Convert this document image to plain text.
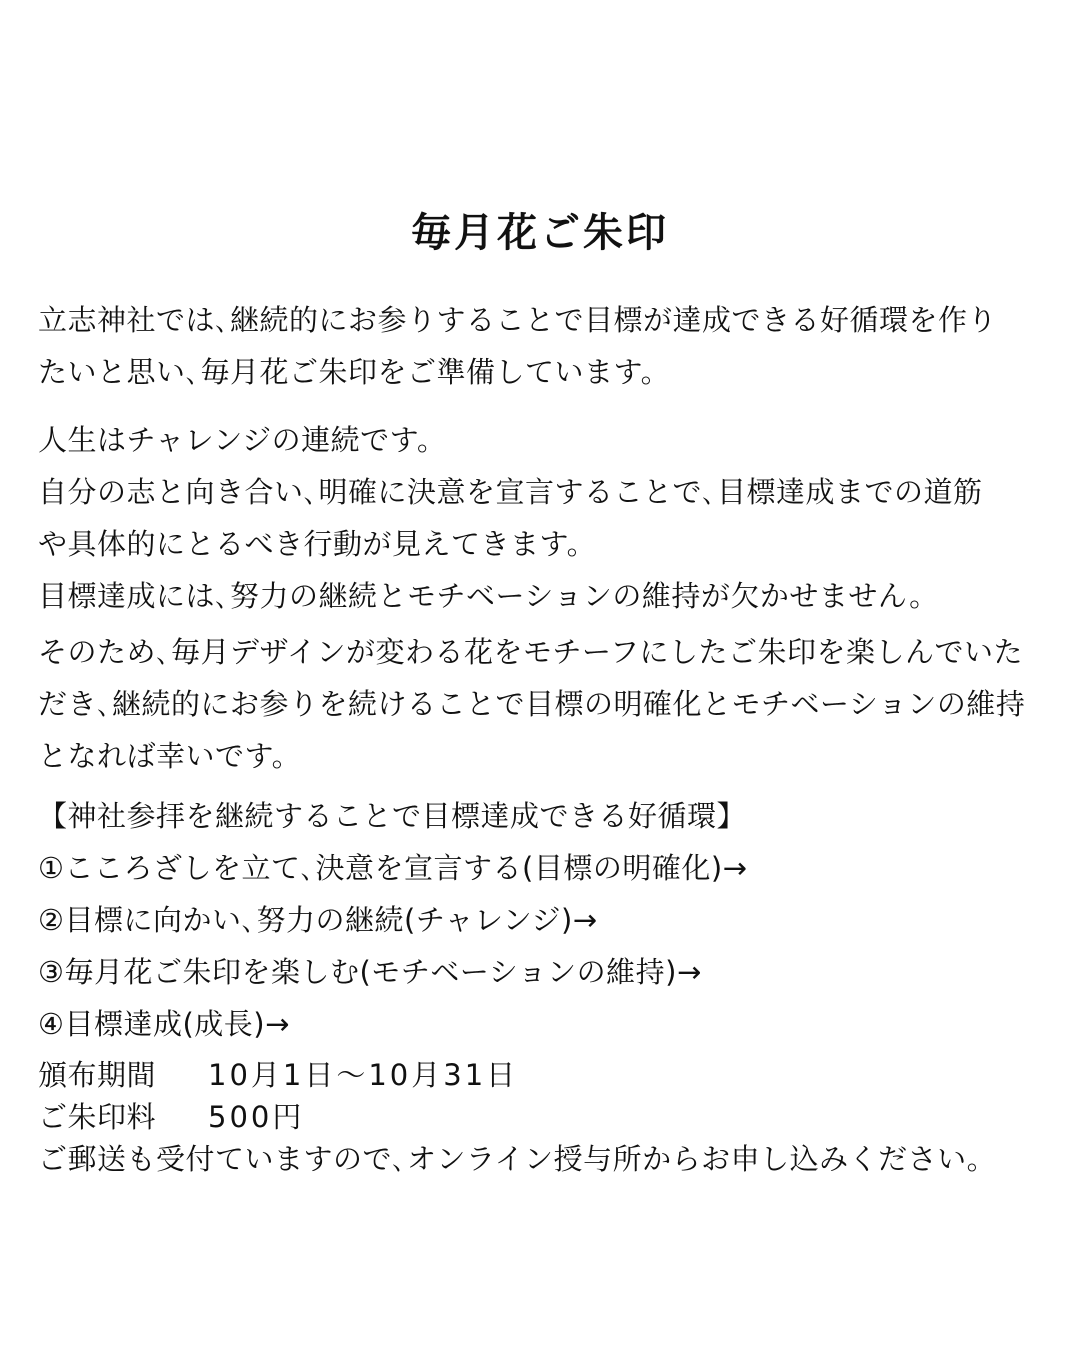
毎月花ご朱印
立志神社では､継続的にお参りすることで目標が達成できる好循環を作り
たいと思い､毎月花ご朱印をご準備しています。
人生はチャレンジの連続です。
自分の志と向き合い､明確に決意を宣言することで､目標達成までの道筋
や具体的にとるべき行動が見えてきます。
目標達成には､努力の継続とモチベーションの維持が欠かせません。
そのため､毎月デザインが変わる花をモチーフにしたご朱印を楽しんでいた
だき､継続的にお参りを続けることで目標の明確化とモチベーションの維持
となれば幸いです。
【神社参拝を継続することで目標達成できる好循環】
①こころざしを立て､決意を宣言する(目標の明確化)→
②目標に向かい､努力の継続(チャレンジ)→
③毎月花ご朱印を楽しむ(モチベーションの維持)→
④目標達成(成長)→
頒布期間 10月1日～10月31日
ご朱印料 500円
ご郵送も受付ていますので､オンライン授与所からお申し込みください。
